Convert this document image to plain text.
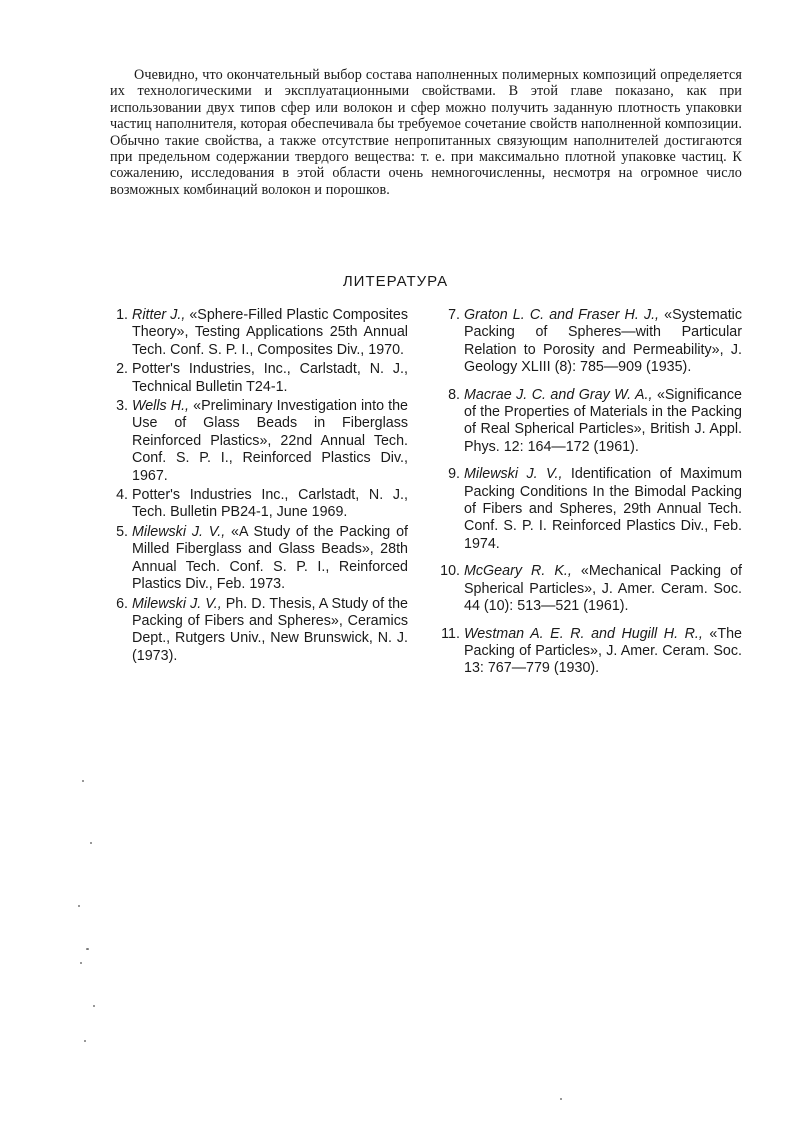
Очевидно, что окончательный выбор состава наполненных полимерных композиций определяется их технологическими и эксплуатационными свойствами. В этой главе показано, как при использовании двух типов сфер или волокон и сфер можно получить заданную плотность упаковки частиц наполнителя, которая обеспечивала бы требуемое сочетание свойств наполненной композиции. Обычно такие свойства, а также отсутствие непропитанных связующим наполнителей достигаются при предельном содержании твердого вещества: т. е. при максимально плотной упаковке частиц. К сожалению, исследования в этой области очень немногочисленны, несмотря на огромное число возможных комбинаций волокон и порошков.

ЛИТЕРАТУРА
1. Ritter J., «Sphere-Filled Plastic Composites Theory», Testing Applications 25th Annual Tech. Conf. S. P. I., Composites Div., 1970.
2. Potter's Industries, Inc., Carlstadt, N. J., Technical Bulletin T24-1.
3. Wells H., «Preliminary Investigation into the Use of Glass Beads in Fiberglass Reinforced Plastics», 22nd Annual Tech. Conf. S. P. I., Reinforced Plastics Div., 1967.
4. Potter's Industries Inc., Carlstadt, N. J., Tech. Bulletin PB24-1, June 1969.
5. Milewski J. V., «A Study of the Packing of Milled Fiberglass and Glass Beads», 28th Annual Tech. Conf. S. P. I., Reinforced Plastics Div., Feb. 1973.
6. Milewski J. V., Ph. D. Thesis, A Study of the Packing of Fibers and Spheres», Ceramics Dept., Rutgers Univ., New Brunswick, N. J. (1973).
7. Graton L. C. and Fraser H. J., «Systematic Packing of Spheres—with Particular Relation to Porosity and Permeability», J. Geology XLIII (8): 785—909 (1935).
8. Macrae J. C. and Gray W. A., «Significance of the Properties of Materials in the Packing of Real Spherical Particles», British J. Appl. Phys. 12: 164—172 (1961).
9. Milewski J. V., Identification of Maximum Packing Conditions In the Bimodal Packing of Fibers and Spheres, 29th Annual Tech. Conf. S. P. I. Reinforced Plastics Div., Feb. 1974.
10. McGeary R. K., «Mechanical Packing of Spherical Particles», J. Amer. Ceram. Soc. 44 (10): 513—521 (1961).
11. Westman A. E. R. and Hugill H. R., «The Packing of Particles», J. Amer. Ceram. Soc. 13: 767—779 (1930).
